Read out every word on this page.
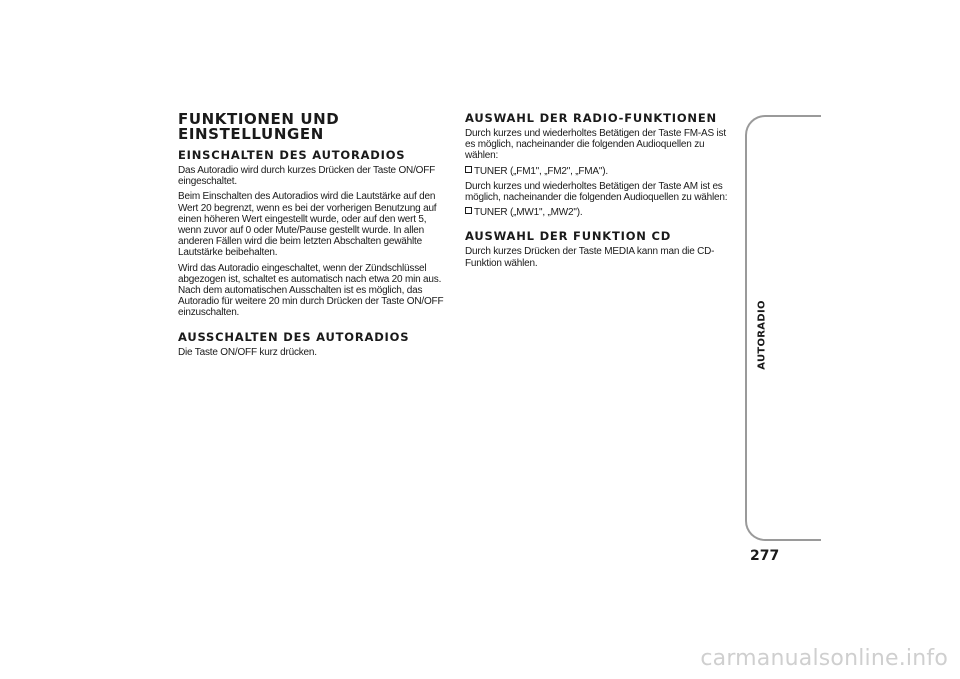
FUNKTIONEN UND
EINSTELLUNGEN
EINSCHALTEN DES AUTORADIOS

Das Autoradio wird durch kurzes Drücken der Taste ON/OFF eingeschaltet.

Beim Einschalten des Autoradios wird die Lautstärke auf den Wert 20 begrenzt, wenn es bei der vorherigen Benutzung auf einen höheren Wert eingestellt wurde, oder auf den wert 5, wenn zuvor auf 0 oder Mute/Pause gestellt wurde. In allen anderen Fällen wird die beim letzten Abschalten gewählte Lautstärke beibehalten.

Wird das Autoradio eingeschaltet, wenn der Zündschlüssel abgezogen ist, schaltet es automatisch nach etwa 20 min aus. Nach dem automatischen Ausschalten ist es möglich, das Autoradio für weitere 20 min durch Drücken der Taste ON/OFF einzuschalten.

AUSSCHALTEN DES AUTORADIOS

Die Taste ON/OFF kurz drücken.

AUSWAHL DER RADIO-FUNKTIONEN

Durch kurzes und wiederholtes Betätigen der Taste FM-AS ist es möglich, nacheinander die folgenden Audioquellen zu wählen:

TUNER („FM1", „FM2", „FMA").

Durch kurzes und wiederholtes Betätigen der Taste AM ist es möglich, nacheinander die folgenden Audioquellen zu wählen:

TUNER („MW1", „MW2").
AUSWAHL DER FUNKTION CD

Durch kurzes Drücken der Taste MEDIA kann man die CD-Funktion wählen.

AUTORADIO
277
carmanualsonline.info
